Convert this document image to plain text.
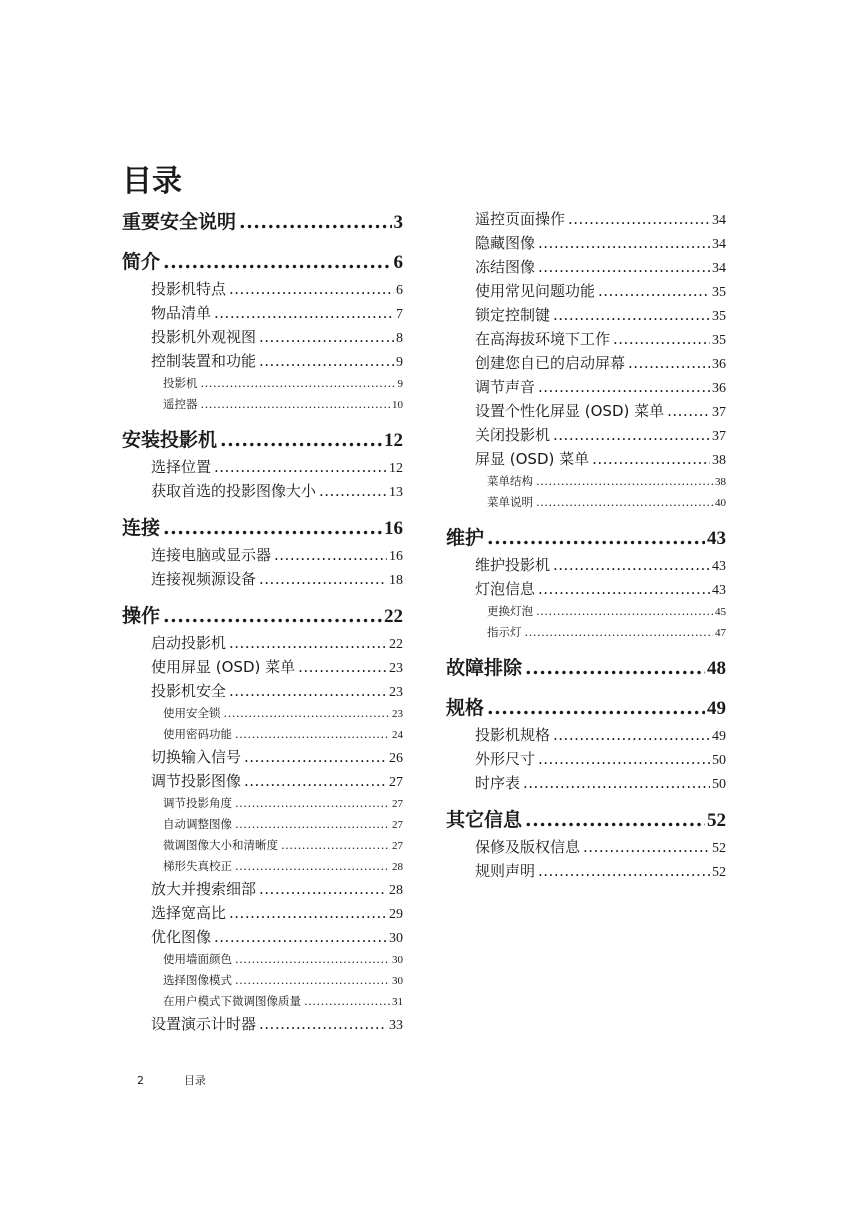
目录
重要安全说明 .....	3
简介 .....	6
投影机特点 .....	6
物品清单 .....	7
投影机外观视图 .....	8
控制装置和功能 .....	9
投影机 .....	9
遥控器 .....	10
安装投影机 .....	12
选择位置 .....	12
获取首选的投影图像大小 .....	13
连接 .....	16
连接电脑或显示器 .....	16
连接视频源设备 .....	18
操作 .....	22
启动投影机 .....	22
使用屏显 (OSD) 菜单 .....	23
投影机安全 .....	23
使用安全锁 .....	23
使用密码功能 .....	24
切换输入信号 .....	26
调节投影图像 .....	27
调节投影角度 .....	27
自动调整图像 .....	27
微调图像大小和清晰度 .....	27
梯形失真校正 .....	28
放大并搜索细部 .....	28
选择宽高比 .....	29
优化图像 .....	30
使用墙面颜色 .....	30
选择图像模式 .....	30
在用户模式下微调图像质量 .....	31
设置演示计时器 .....	33
遥控页面操作 .....	34
隐藏图像 .....	34
冻结图像 .....	34
使用常见问题功能 .....	35
锁定控制键 .....	35
在高海拔环境下工作 .....	35
创建您自已的启动屏幕 .....	36
调节声音 .....	36
设置个性化屏显 (OSD) 菜单 .....	37
关闭投影机 .....	37
屏显 (OSD) 菜单 .....	38
菜单结构 .....	38
菜单说明 .....	40
维护 .....	43
维护投影机 .....	43
灯泡信息 .....	43
更换灯泡 .....	45
指示灯 .....	47
故障排除 .....	48
规格 .....	49
投影机规格 .....	49
外形尺寸 .....	50
时序表 .....	50
其它信息 .....	52
保修及版权信息 .....	52
规则声明 .....	52
2	目录
